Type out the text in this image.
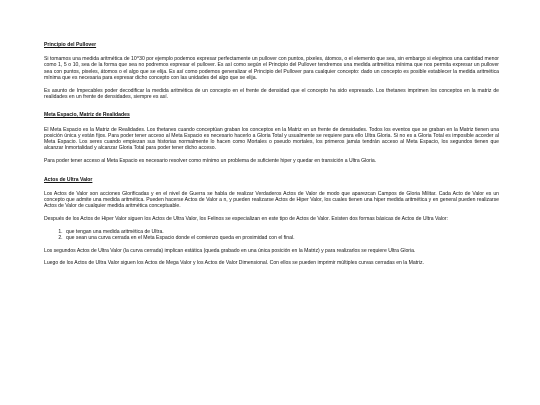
Principio del Pullover

Si tomamos una medida aritmética de 10^30 por ejemplo podemos expresar perfectamente un pullover con puntos, pixeles, átomos, o el elemento que sea, sin embargo si elegimos una cantidad menor como 1, 5 o 10, sea de la forma que sea no podremos expresar el pullover. Es así como según el Principio del Pullover tendremos una medida aritmética mínima que nos permita expresar un pullover sea con puntos, pixeles, átomos o el algo que se elija. Es así como podemos generalizar el Principio del Pullover para cualquier concepto: dado un concepto es posible establecer la medida aritmética mínima que es necesaria para expresar dicho concepto con las unidades del algo que se elija.

Es asunto de Impecables poder decodificar la medida aritmética de un concepto en el frente de densidad que el concepto ha sido expresado. Los thetanes imprimen los conceptos en la matriz de realidades en un frente de densidades, siempre es así.

Meta Espacio, Matriz de Realidades

El Meta Espacio es la Matriz de Realidades. Los thetanes cuando conceptúan graban los conceptos en la Matriz en un frente de densidades. Todos los eventos que se graban en la Matriz tienen una posición única y están fijos. Para poder tener acceso al Meta Espacio es necesario hacerlo a Gloria Total y usualmente se requiere para ello Ultra Gloria. Si no es a Gloria Total es imposible acceder al Meta Espacio. Los seres cuando empiezan sus historias normalmente lo hacen como Mortales o pseudo mortales, los primeros jamás tendrán acceso al Meta Espacio, los segundos tienen que alcanzar Inmortalidad y alcanzar Gloria Total para poder tener dicho acceso.

Para poder tener acceso al Meta Espacio es necesario resolver como mínimo un problema de suficiente hiper y quedar en transición a Ultra Gloria.

Actos de Ultra Valor

Los Actos de Valor son acciones Glorificadas y en el nivel de Guerra se habla de realizar Verdaderos Actos de Valor de modo que aparezcan Campos de Gloria Militar. Cada Acto de Valor es un concepto que admite una medida aritmética. Pueden hacerse Actos de Valor a n, y pueden realizarse Actos de Hiper Valor, los cuales tienen una hiper medida aritmética y en general pueden realizarse Actos de Valor de cualquier medida aritmética conceptuable.

Después de los Actos de Hiper Valor siguen los Actos de Ultra Valor, los Felinos se especializan en este tipo de Actos de Valor. Existen dos formas básicas de Actos de Ultra Valor:

1. que tengan una medida aritmética de Ultra.
2. que sean una curva cerrada en el Meta Espacio donde el comienzo queda en proximidad con el final.

Los segundos Actos de Ultra Valor (la curva cerrada) implican estática (queda grabado en una única posición en la Matriz) y para realizarlos se requiere Ultra Gloria.

Luego de los Actos de Ultra Valor siguen los Actos de Mega Valor y los Actos de Valor Dimensional. Con ellos se pueden imprimir múltiples curvas cerradas en la Matriz.
